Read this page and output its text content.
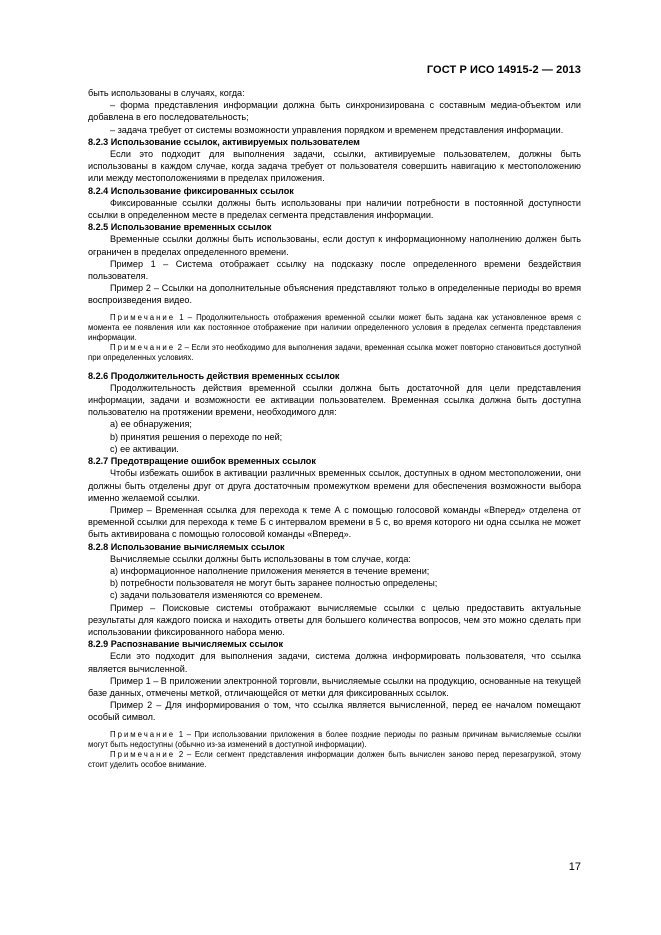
ГОСТ Р ИСО 14915-2 — 2013

быть использованы в случаях, когда:

– форма представления информации должна быть синхронизирована с составным медиа-объектом или добавлена в его последовательность;

– задача требует от системы возможности управления порядком и временем представления информации.

8.2.3 Использование ссылок, активируемых пользователем

Если это подходит для выполнения задачи, ссылки, активируемые пользователем, должны быть использованы в каждом случае, когда задача требует от пользователя совершить навигацию к местоположению или между местоположениями в пределах приложения.

8.2.4 Использование фиксированных ссылок

Фиксированные ссылки должны быть использованы при наличии потребности в постоянной доступности ссылки в определенном месте в пределах сегмента представления информации.

8.2.5 Использование временных ссылок

Временные ссылки должны быть использованы, если доступ к информационному наполнению должен быть ограничен в пределах определенного времени.

Пример 1 – Система отображает ссылку на подсказку после определенного времени бездействия пользователя.

Пример 2 – Ссылки на дополнительные объяснения представляют только в определенные периоды во время воспроизведения видео.

Примечание 1 – Продолжительность отображения временной ссылки может быть задана как установленное время с момента ее появления или как постоянное отображение при наличии определенного условия в пределах сегмента представления информации.

Примечание 2 – Если это необходимо для выполнения задачи, временная ссылка может повторно становиться доступной при определенных условиях.

8.2.6 Продолжительность действия временных ссылок

Продолжительность действия временной ссылки должна быть достаточной для цели представления информации, задачи и возможности ее активации пользователем. Временная ссылка должна быть доступна пользователю на протяжении времени, необходимого для:

a) ее обнаружения;

b) принятия решения о переходе по ней;

c) ее активации.

8.2.7 Предотвращение ошибок временных ссылок

Чтобы избежать ошибок в активации различных временных ссылок, доступных в одном местоположении, они должны быть отделены друг от друга достаточным промежутком времени для обеспечения возможности выбора именно желаемой ссылки.

Пример – Временная ссылка для перехода к теме А с помощью голосовой команды «Вперед» отделена от временной ссылки для перехода к теме Б с интервалом времени в 5 с, во время которого ни одна ссылка не может быть активирована с помощью голосовой команды «Вперед».

8.2.8 Использование вычисляемых ссылок

Вычисляемые ссылки должны быть использованы в том случае, когда:

a) информационное наполнение приложения меняется в течение времени;

b) потребности пользователя не могут быть заранее полностью определены;

c) задачи пользователя изменяются со временем.

Пример – Поисковые системы отображают вычисляемые ссылки с целью предоставить актуальные результаты для каждого поиска и находить ответы для большего количества вопросов, чем это можно сделать при использовании фиксированного набора меню.

8.2.9 Распознавание вычисляемых ссылок

Если это подходит для выполнения задачи, система должна информировать пользователя, что ссылка является вычисленной.

Пример 1 – В приложении электронной торговли, вычисляемые ссылки на продукцию, основанные на текущей базе данных, отмечены меткой, отличающейся от метки для фиксированных ссылок.

Пример 2 – Для информирования о том, что ссылка является вычисленной, перед ее началом помещают особый символ.

Примечание 1 – При использовании приложения в более поздние периоды по разным причинам вычисляемые ссылки могут быть недоступны (обычно из-за изменений в доступной информации).

Примечание 2 – Если сегмент представления информации должен быть вычислен заново перед перезагрузкой, этому стоит уделить особое внимание.

17
